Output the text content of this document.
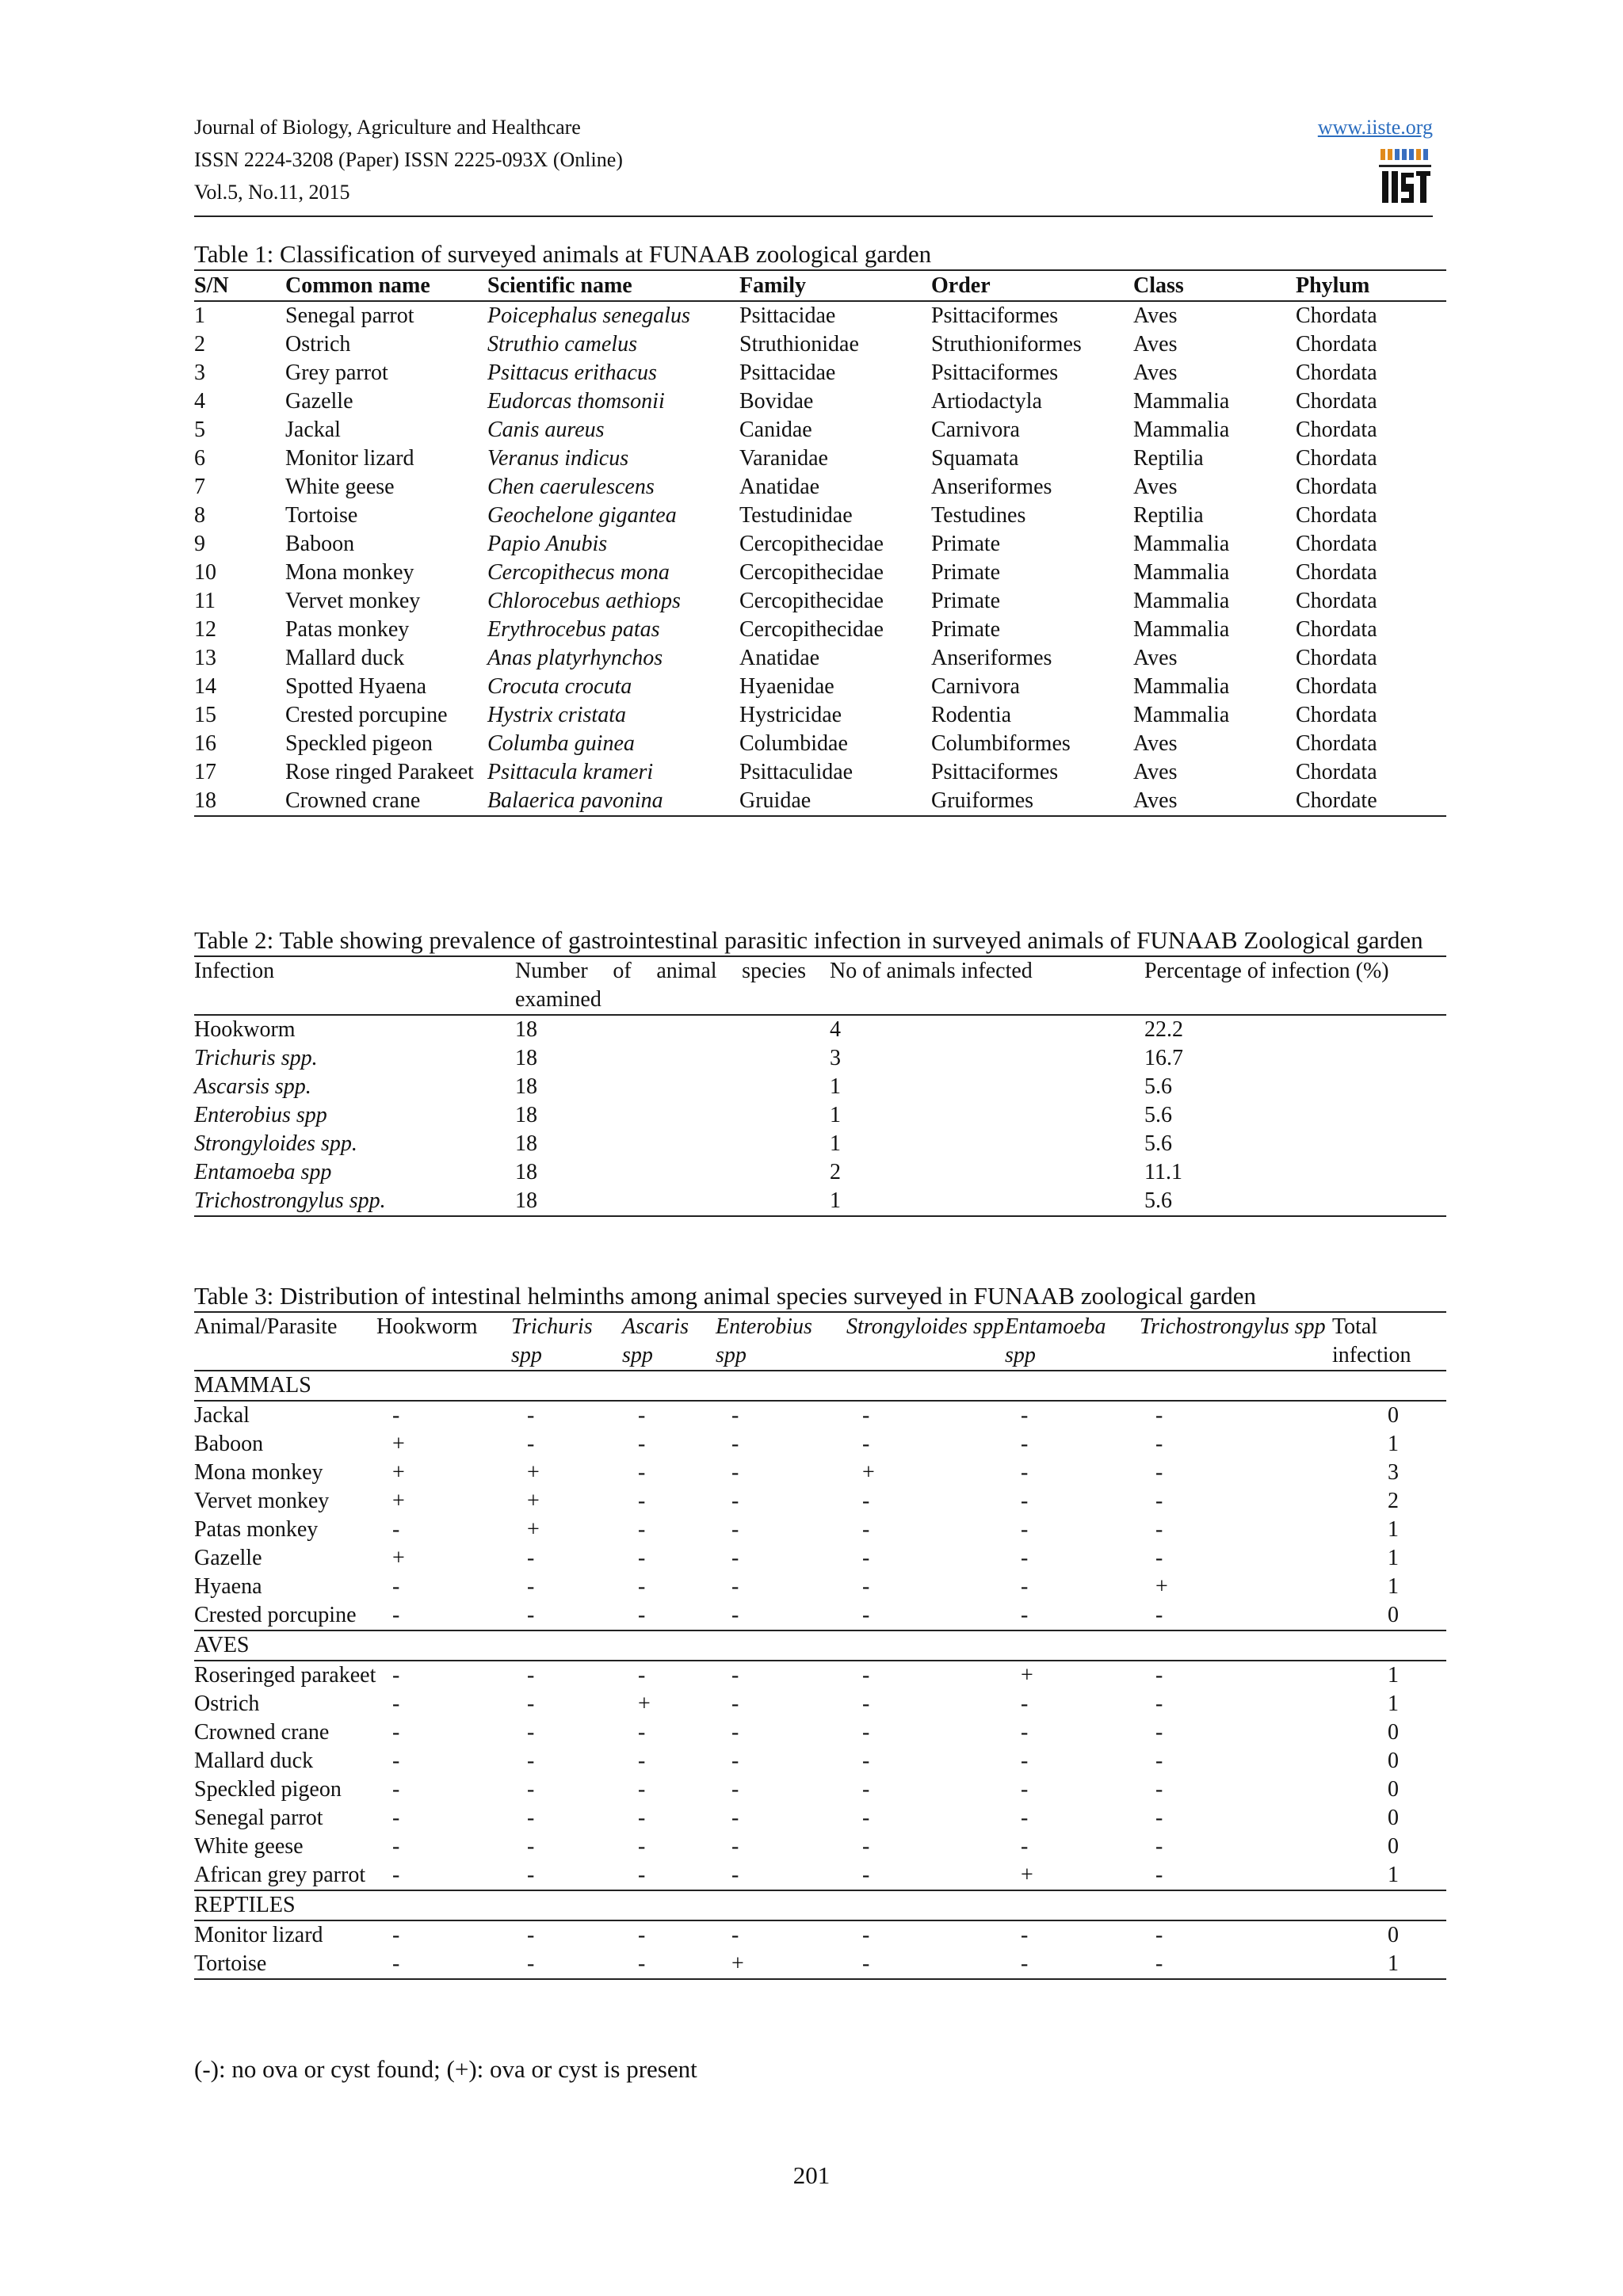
Journal of Biology, Agriculture and Healthcare
ISSN 2224-3208 (Paper) ISSN 2225-093X (Online)
Vol.5, No.11, 2015
www.iiste.org
Table 1: Classification of surveyed animals at FUNAAB zoological garden
S/N	Common name	Scientific name	Family	Order	Class	Phylum
1	Senegal parrot	Poicephalus senegalus	Psittacidae	Psittaciformes	Aves	Chordata
2	Ostrich	Struthio camelus	Struthionidae	Struthioniformes	Aves	Chordata
3	Grey parrot	Psittacus erithacus	Psittacidae	Psittaciformes	Aves	Chordata
4	Gazelle	Eudorcas thomsonii	Bovidae	Artiodactyla	Mammalia	Chordata
5	Jackal	Canis aureus	Canidae	Carnivora	Mammalia	Chordata
6	Monitor lizard	Veranus indicus	Varanidae	Squamata	Reptilia	Chordata
7	White geese	Chen caerulescens	Anatidae	Anseriformes	Aves	Chordata
8	Tortoise	Geochelone gigantea	Testudinidae	Testudines	Reptilia	Chordata
9	Baboon	Papio Anubis	Cercopithecidae	Primate	Mammalia	Chordata
10	Mona monkey	Cercopithecus mona	Cercopithecidae	Primate	Mammalia	Chordata
11	Vervet monkey	Chlorocebus aethiops	Cercopithecidae	Primate	Mammalia	Chordata
12	Patas monkey	Erythrocebus patas	Cercopithecidae	Primate	Mammalia	Chordata
13	Mallard duck	Anas platyrhynchos	Anatidae	Anseriformes	Aves	Chordata
14	Spotted Hyaena	Crocuta crocuta	Hyaenidae	Carnivora	Mammalia	Chordata
15	Crested porcupine	Hystrix cristata	Hystricidae	Rodentia	Mammalia	Chordata
16	Speckled pigeon	Columba guinea	Columbidae	Columbiformes	Aves	Chordata
17	Rose ringed Parakeet	Psittacula krameri	Psittaculidae	Psittaciformes	Aves	Chordata
18	Crowned crane	Balaerica pavonina	Gruidae	Gruiformes	Aves	Chordate
Table 2: Table showing prevalence of gastrointestinal parasitic infection in surveyed animals of FUNAAB Zoological garden
Infection	Number of animal species examined	No of animals infected	Percentage of infection (%)
Hookworm	18	4	22.2
Trichuris spp.	18	3	16.7
Ascarsis spp.	18	1	5.6
Enterobius spp	18	1	5.6
Strongyloides spp.	18	1	5.6
Entamoeba spp	18	2	11.1
Trichostrongylus spp.	18	1	5.6
Table 3: Distribution of intestinal helminths among animal species surveyed in FUNAAB zoological garden
Animal/Parasite	Hookworm	Trichuris spp	Ascaris spp	Enterobius spp	Strongyloides spp	Entamoeba spp	Trichostrongylus spp	Total infection
MAMMALS								
Jackal	-	-	-	-	-	-	-	0
Baboon	+	-	-	-	-	-	-	1
Mona monkey	+	+	-	-	+	-	-	3
Vervet monkey	+	+	-	-	-	-	-	2
Patas monkey	-	+	-	-	-	-	-	1
Gazelle	+	-	-	-	-	-	-	1
Hyaena	-	-	-	-	-	-	+	1
Crested porcupine	-	-	-	-	-	-	-	0
AVES								
Roseringed parakeet	-	-	-	-	-	+	-	1
Ostrich	-	-	+	-	-	-	-	1
Crowned crane	-	-	-	-	-	-	-	0
Mallard duck	-	-	-	-	-	-	-	0
Speckled pigeon	-	-	-	-	-	-	-	0
Senegal parrot	-	-	-	-	-	-	-	0
White geese	-	-	-	-	-	-	-	0
African grey parrot	-	-	-	-	-	+	-	1
REPTILES								
Monitor lizard	-	-	-	-	-	-	-	0
Tortoise	-	-	-	+	-	-	-	1
(-): no ova or cyst found; (+): ova or cyst is present
201
